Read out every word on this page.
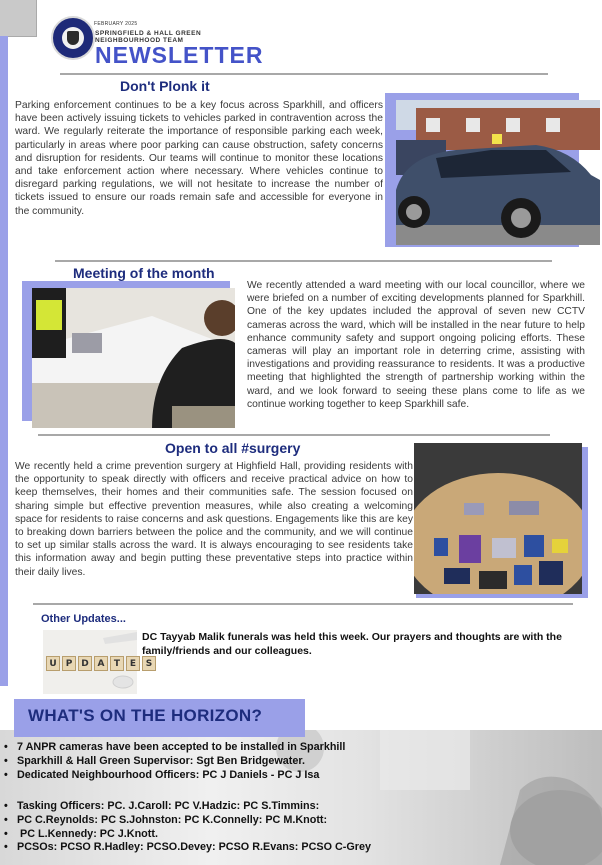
FEBRUARY 2025
SPRINGFIELD & HALL GREEN
NEIGHBOURHOOD TEAM
NEWSLETTER
Don't Plonk it
Parking enforcement continues to be a key focus across Sparkhill, and officers have been actively issuing tickets to vehicles parked in contravention across the ward. We regularly reiterate the importance of responsible parking each week, particularly in areas where poor parking can cause obstruction, safety concerns and disruption for residents. Our teams will continue to monitor these locations and take enforcement action where necessary. Where vehicles continue to disregard parking regulations, we will not hesitate to increase the number of tickets issued to ensure our roads remain safe and accessible for everyone in the community.
Meeting of the month
We recently attended a ward meeting with our local councillor, where we were briefed on a number of exciting developments planned for Sparkhill. One of the key updates included the approval of seven new CCTV cameras across the ward, which will be installed in the near future to help enhance community safety and support ongoing policing efforts. These cameras will play an important role in deterring crime, assisting with investigations and providing reassurance to residents. It was a productive meeting that highlighted the strength of partnership working within the ward, and we look forward to seeing these plans come to life as we continue working together to keep Sparkhill safe.
Open to all #surgery
We recently held a crime prevention surgery at Highfield Hall, providing residents with the opportunity to speak directly with officers and receive practical advice on how to keep themselves, their homes and their communities safe. The session focused on sharing simple but effective prevention measures, while also creating a welcoming space for residents to raise concerns and ask questions. Engagements like this are key to breaking down barriers between the police and the community, and we will continue to set up similar stalls across the ward. It is always encouraging to see residents take this information away and begin putting these preventative steps into practice within their daily lives.
Other Updates...
U	P D A	T	E	S
DC Tayyab Malik funerals was held this week. Our prayers and thoughts are with the family/friends and our colleagues.
WHAT'S ON THE HORIZON?
• 7 ANPR cameras have been accepted to be installed in Sparkhill
• Sparkhill & Hall Green Supervisor: Sgt Ben Bridgewater.
• Dedicated Neighbourhood Officers: PC J Daniels - PC J Isa
• Tasking Officers: PC. J.Caroll: PC V.Hadzic: PC S.Timmins:
• PC C.Reynolds: PC S.Johnston: PC K.Connelly: PC M.Knott:
• PC L.Kennedy: PC J.Knott.
• PCSOs: PCSO R.Hadley: PCSO.Devey: PCSO R.Evans: PCSO C-Grey
